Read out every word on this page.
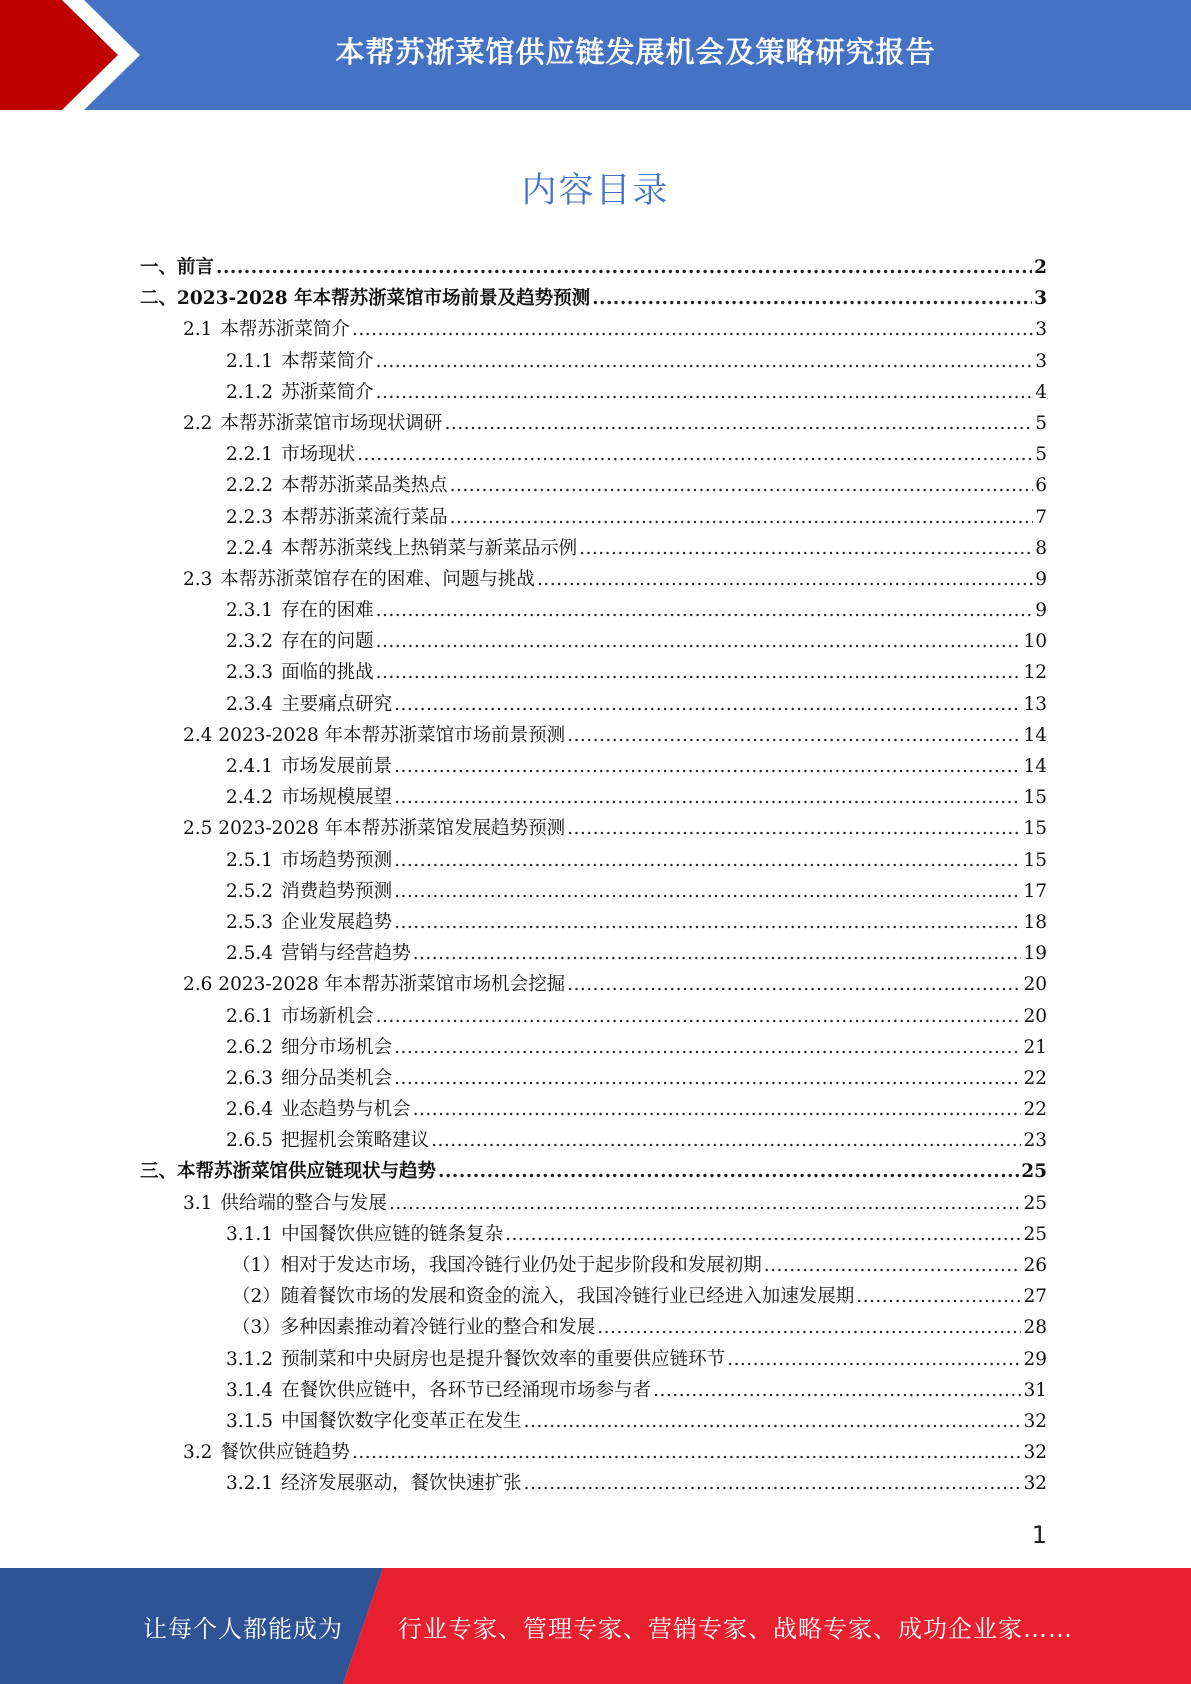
本帮苏浙菜馆供应链发展机会及策略研究报告
内容目录
一、前言 .....	2
二、2023-2028 年本帮苏浙菜馆市场前景及趋势预测 .....	3
2.1 本帮苏浙菜简介 .....	3
2.1.1 本帮菜简介 .....	3
2.1.2 苏浙菜简介 .....	4
2.2 本帮苏浙菜馆市场现状调研 .....	5
2.2.1 市场现状 .....	5
2.2.2 本帮苏浙菜品类热点 .....	6
2.2.3 本帮苏浙菜流行菜品 .....	7
2.2.4 本帮苏浙菜线上热销菜与新菜品示例 .....	8
2.3 本帮苏浙菜馆存在的困难、问题与挑战 .....	9
2.3.1 存在的困难 .....	9
2.3.2 存在的问题 .....	10
2.3.3 面临的挑战 .....	12
2.3.4 主要痛点研究 .....	13
2.4 2023-2028 年本帮苏浙菜馆市场前景预测 .....	14
2.4.1 市场发展前景 .....	14
2.4.2 市场规模展望 .....	15
2.5 2023-2028 年本帮苏浙菜馆发展趋势预测 .....	15
2.5.1 市场趋势预测 .....	15
2.5.2 消费趋势预测 .....	17
2.5.3 企业发展趋势 .....	18
2.5.4 营销与经营趋势 .....	19
2.6 2023-2028 年本帮苏浙菜馆市场机会挖掘 .....	20
2.6.1 市场新机会 .....	20
2.6.2 细分市场机会 .....	21
2.6.3 细分品类机会 .....	22
2.6.4 业态趋势与机会 .....	22
2.6.5 把握机会策略建议 .....	23
三、本帮苏浙菜馆供应链现状与趋势 .....	25
3.1 供给端的整合与发展 .....	25
3.1.1 中国餐饮供应链的链条复杂 .....	25
（1）相对于发达市场，我国冷链行业仍处于起步阶段和发展初期 .....	26
（2）随着餐饮市场的发展和资金的流入，我国冷链行业已经进入加速发展期 .....	27
（3）多种因素推动着冷链行业的整合和发展 .....	28
3.1.2 预制菜和中央厨房也是提升餐饮效率的重要供应链环节 .....	29
3.1.4 在餐饮供应链中，各环节已经涌现市场参与者 .....	31
3.1.5 中国餐饮数字化变革正在发生 .....	32
3.2 餐饮供应链趋势 .....	32
3.2.1 经济发展驱动，餐饮快速扩张 .....	32
1
让每个人都能成为 行业专家、管理专家、营销专家、战略专家、成功企业家……
